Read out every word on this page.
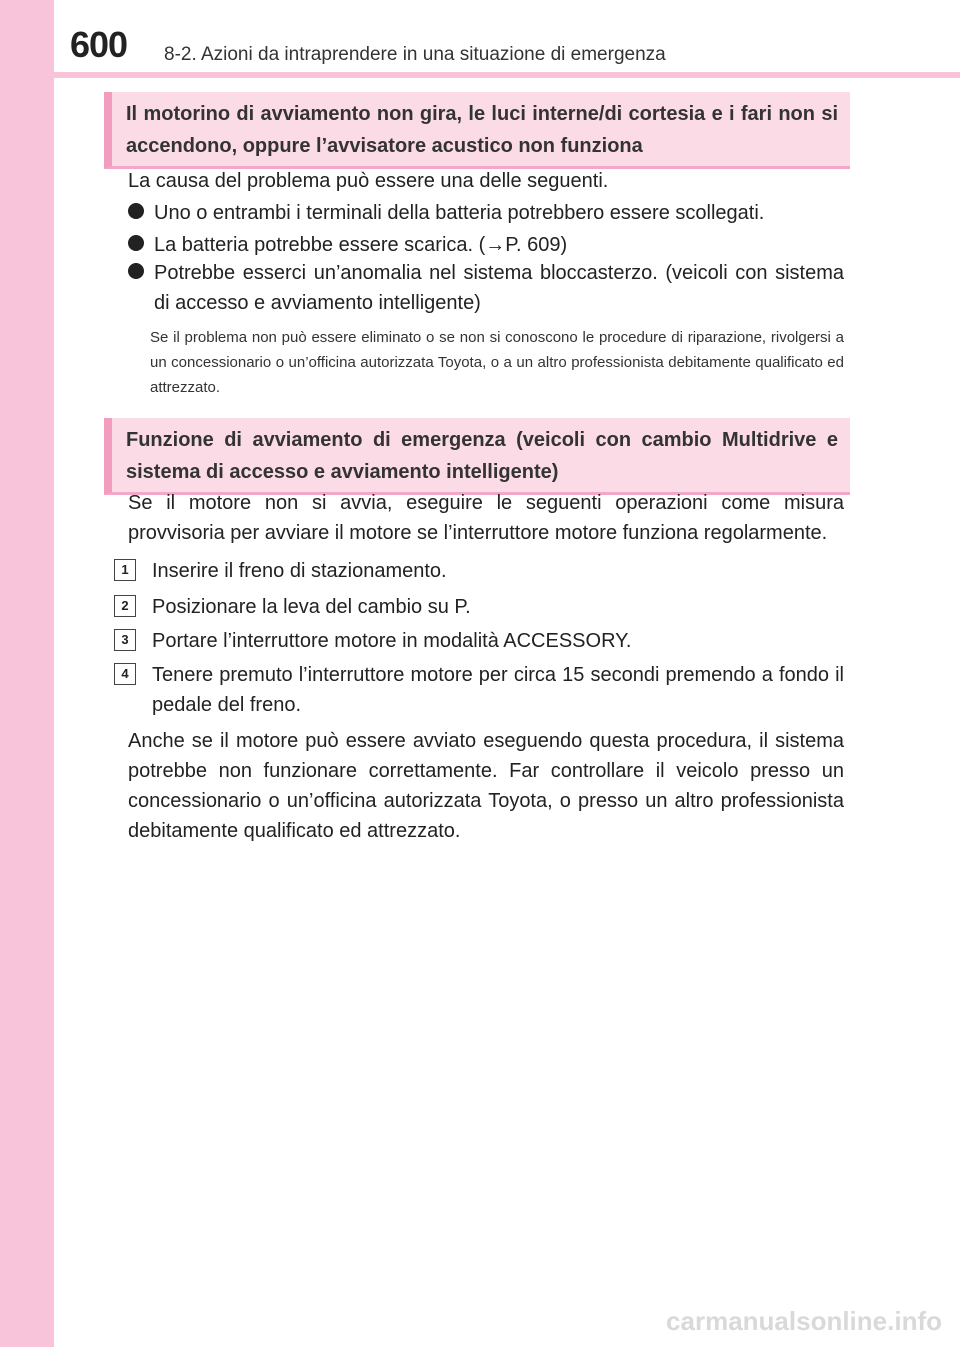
600 8-2. Azioni da intraprendere in una situazione di emergenza
Il motorino di avviamento non gira, le luci interne/di cortesia e i fari non si accendono, oppure l’avvisatore acustico non funziona
La causa del problema può essere una delle seguenti.
Uno o entrambi i terminali della batteria potrebbero essere scollegati.
La batteria potrebbe essere scarica. (→P. 609)
Potrebbe esserci un’anomalia nel sistema bloccasterzo. (veicoli con sistema di accesso e avviamento intelligente)
Se il problema non può essere eliminato o se non si conoscono le procedure di riparazione, rivolgersi a un concessionario o un’officina autorizzata Toyota, o a un altro professionista debitamente qualificato ed attrezzato.
Funzione di avviamento di emergenza (veicoli con cambio Multidrive e sistema di accesso e avviamento intelligente)
Se il motore non si avvia, eseguire le seguenti operazioni come misura provvisoria per avviare il motore se l’interruttore motore funziona regolarmente.
1	Inserire il freno di stazionamento.
2	Posizionare la leva del cambio su P.
3	Portare l’interruttore motore in modalità ACCESSORY.
4	Tenere premuto l’interruttore motore per circa 15 secondi premendo a fondo il pedale del freno.
Anche se il motore può essere avviato eseguendo questa procedura, il sistema potrebbe non funzionare correttamente. Far controllare il veicolo presso un concessionario o un’officina autorizzata Toyota, o presso un altro professionista debitamente qualificato ed attrezzato.
carmanualsonline.info
